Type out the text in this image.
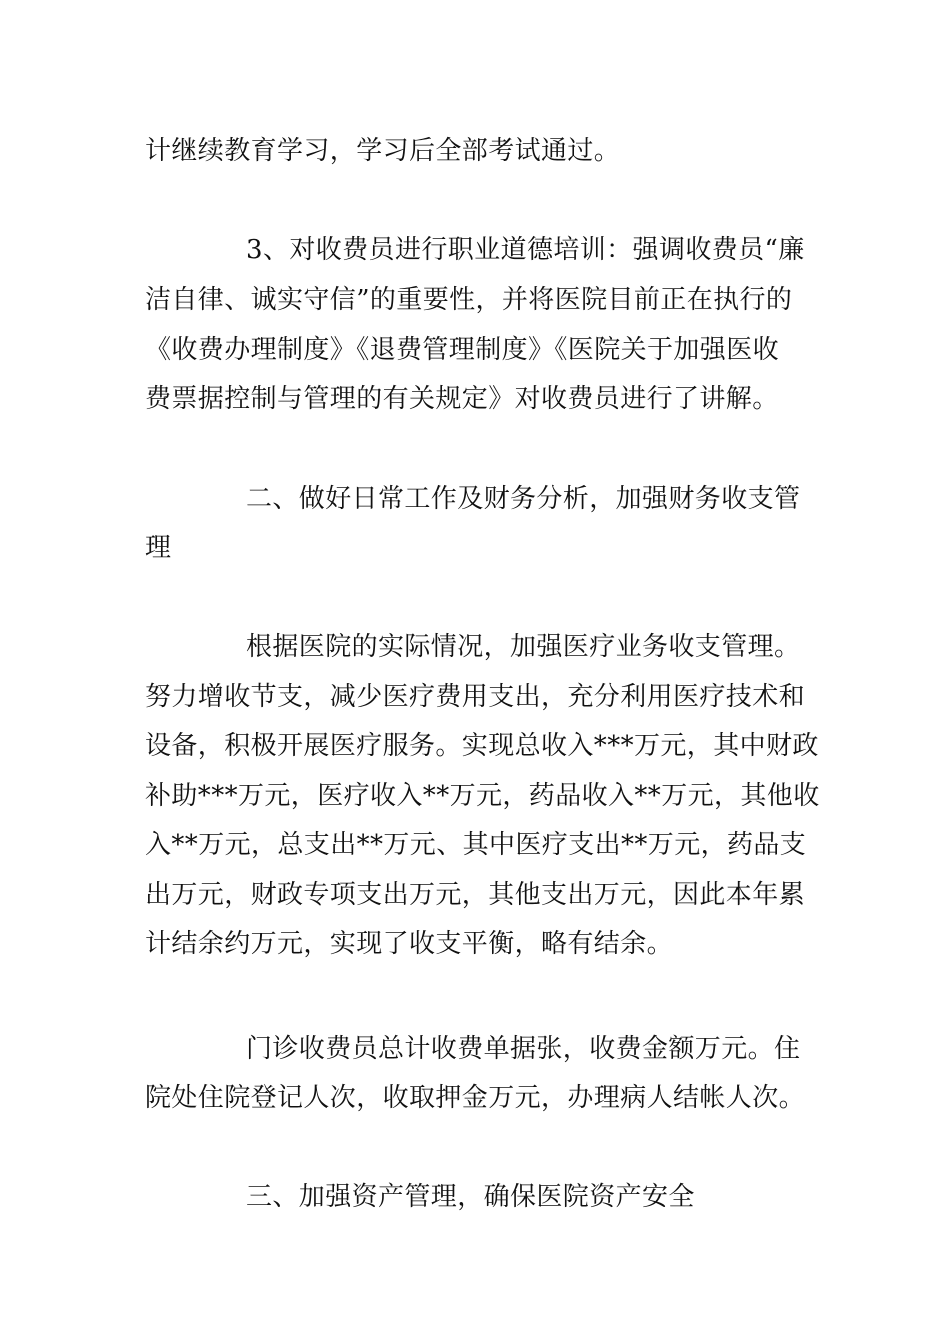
计继续教育学习，学习后全部考试通过。

3、对收费员进行职业道德培训：强调收费员“廉

洁自律、诚实守信”的重要性，并将医院目前正在执行的

《收费办理制度》《退费管理制度》《医院关于加强医收

费票据控制与管理的有关规定》对收费员进行了讲解。

二、做好日常工作及财务分析，加强财务收支管

理

根据医院的实际情况，加强医疗业务收支管理。

努力增收节支，减少医疗费用支出，充分利用医疗技术和

设备，积极开展医疗服务。实现总收入***万元，其中财政

补助***万元，医疗收入**万元，药品收入**万元，其他收

入**万元，总支出**万元、其中医疗支出**万元，药品支

出万元，财政专项支出万元，其他支出万元，因此本年累

计结余约万元，实现了收支平衡，略有结余。

门诊收费员总计收费单据张，收费金额万元。住

院处住院登记人次，收取押金万元，办理病人结帐人次。

三、加强资产管理，确保医院资产安全
